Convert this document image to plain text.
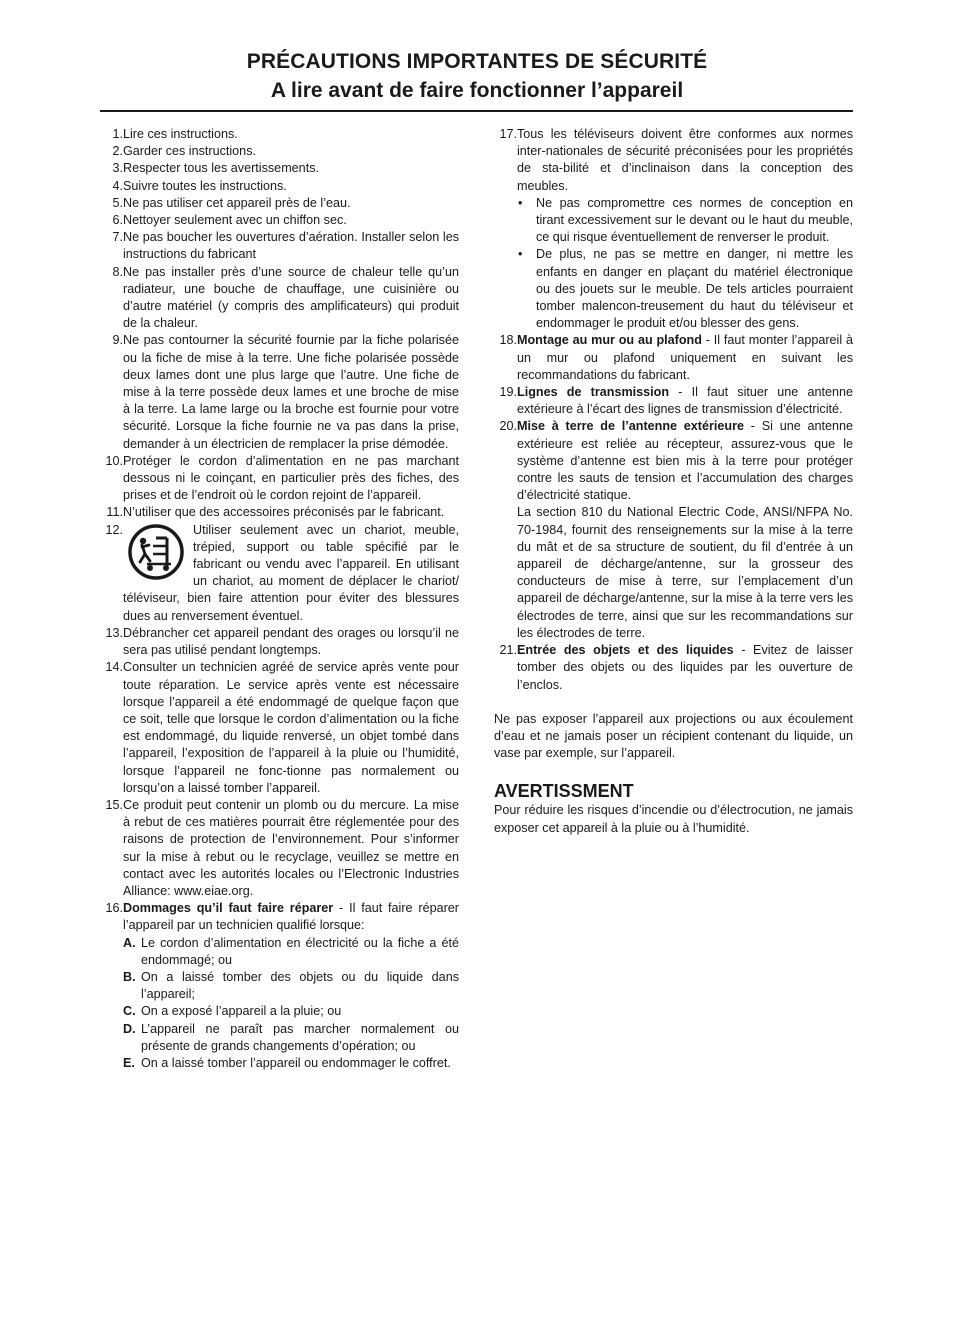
PRÉCAUTIONS IMPORTANTES DE SÉCURITÉ
A lire avant de faire fonctionner l’appareil
1. Lire ces instructions.
2. Garder ces instructions.
3. Respecter tous les avertissements.
4. Suivre toutes les instructions.
5. Ne pas utiliser cet appareil près de l’eau.
6. Nettoyer seulement avec un chiffon sec.
7. Ne pas boucher les ouvertures d’aération. Installer selon les instructions du fabricant
8. Ne pas installer près d’une source de chaleur telle qu’un radiateur, une bouche de chauffage, une cuisinière ou d’autre matériel (y compris des amplificateurs) qui produit de la chaleur.
9. Ne pas contourner la sécurité fournie par la fiche polarisée ou la fiche de mise à la terre. Une fiche polarisée possède deux lames dont une plus large que l’autre. Une fiche de mise à la terre possède deux lames et une broche de mise à la terre. La lame large ou la broche est fournie pour votre sécurité. Lorsque la fiche fournie ne va pas dans la prise, demander à un électricien de remplacer la prise démodée.
10. Protéger le cordon d’alimentation en ne pas marchant dessous ni le coinçant, en particulier près des fiches, des prises et de l’endroit où le cordon rejoint de l’appareil.
11. N’utiliser que des accessoires préconisés par le fabricant.
12.	Utiliser seulement avec un chariot, meuble, trépied, support ou table spécifié par le fabricant ou vendu avec l’appareil. En utilisant un chariot, au moment de déplacer le chariot/ téléviseur, bien faire attention pour éviter des blessures dues au renversement éventuel.
13. Débrancher cet appareil pendant des orages ou lorsqu’il ne sera pas utilisé pendant longtemps.
14. Consulter un technicien agréé de service après vente pour toute réparation. Le service après vente est nécessaire lorsque l’appareil a été endommagé de quelque façon que ce soit, telle que lorsque le cordon d’alimentation ou la fiche est endommagé, du liquide renversé, un objet tombé dans l’appareil, l’exposition de l’appareil à la pluie ou l’humidité, lorsque l’appareil ne fonc-tionne pas normalement ou lorsqu’on a laissé tomber l’appareil.
15. Ce produit peut contenir un plomb ou du mercure. La mise à rebut de ces matières pourrait être réglementée pour des raisons de protection de l’environnement. Pour s’informer sur la mise à rebut ou le recyclage, veuillez se mettre en contact avec les autorités locales ou l’Electronic Industries Alliance: www.eiae.org.
16. Dommages qu’il faut faire réparer - Il faut faire réparer l’appareil par un technicien qualifié lorsque:
A. Le cordon d’alimentation en électricité ou la fiche a été endommagé; ou
B. On a laissé tomber des objets ou du liquide dans l’appareil;
C. On a exposé l’appareil a la pluie; ou
D. L’appareil ne paraît pas marcher normalement ou présente de grands changements d’opération; ou
E. On a laissé tomber l’appareil ou endommager le coffret.
17. Tous les téléviseurs doivent être conformes aux normes inter-nationales de sécurité préconisées pour les propriétés de sta-bilité et d’inclinaison dans la conception des meubles.
•	Ne pas compromettre ces normes de conception en tirant excessivement sur le devant ou le haut du meuble, ce qui risque éventuellement de renverser le produit.
•	De plus, ne pas se mettre en danger, ni mettre les enfants en danger en plaçant du matériel électronique ou des jouets sur le meuble. De tels articles pourraient tomber malencon-treusement du haut du téléviseur et endommager le produit et/ou blesser des gens.
18. Montage au mur ou au plafond - Il faut monter l’appareil à un mur ou plafond uniquement en suivant les recommandations du fabricant.
19. Lignes de transmission - Il faut situer une antenne extérieure à l’écart des lignes de transmission d’électricité.
20. Mise à terre de l’antenne extérieure - Si une antenne extérieure est reliée au récepteur, assurez-vous que le système d’antenne est bien mis à la terre pour protéger contre les sauts de tension et l’accumulation des charges d’électricité statique.
La section 810 du National Electric Code, ANSI/NFPA No. 70-1984, fournit des renseignements sur la mise à la terre du mât et de sa structure de soutient, du fil d’entrée à un appareil de décharge/antenne, sur la grosseur des conducteurs de mise à terre, sur l’emplacement d’un appareil de décharge/antenne, sur la mise à la terre vers les électrodes de terre, ainsi que sur les recommandations sur les électrodes de terre.
21. Entrée des objets et des liquides - Evitez de laisser tomber des objets ou des liquides par les ouverture de l’enclos.
Ne pas exposer l’appareil aux projections ou aux écoulement d’eau et ne jamais poser un récipient contenant du liquide, un vase par exemple, sur l’appareil.
AVERTISSMENT
Pour réduire les risques d’incendie ou d’électrocution, ne jamais exposer cet appareil à la pluie ou à l’humidité.
